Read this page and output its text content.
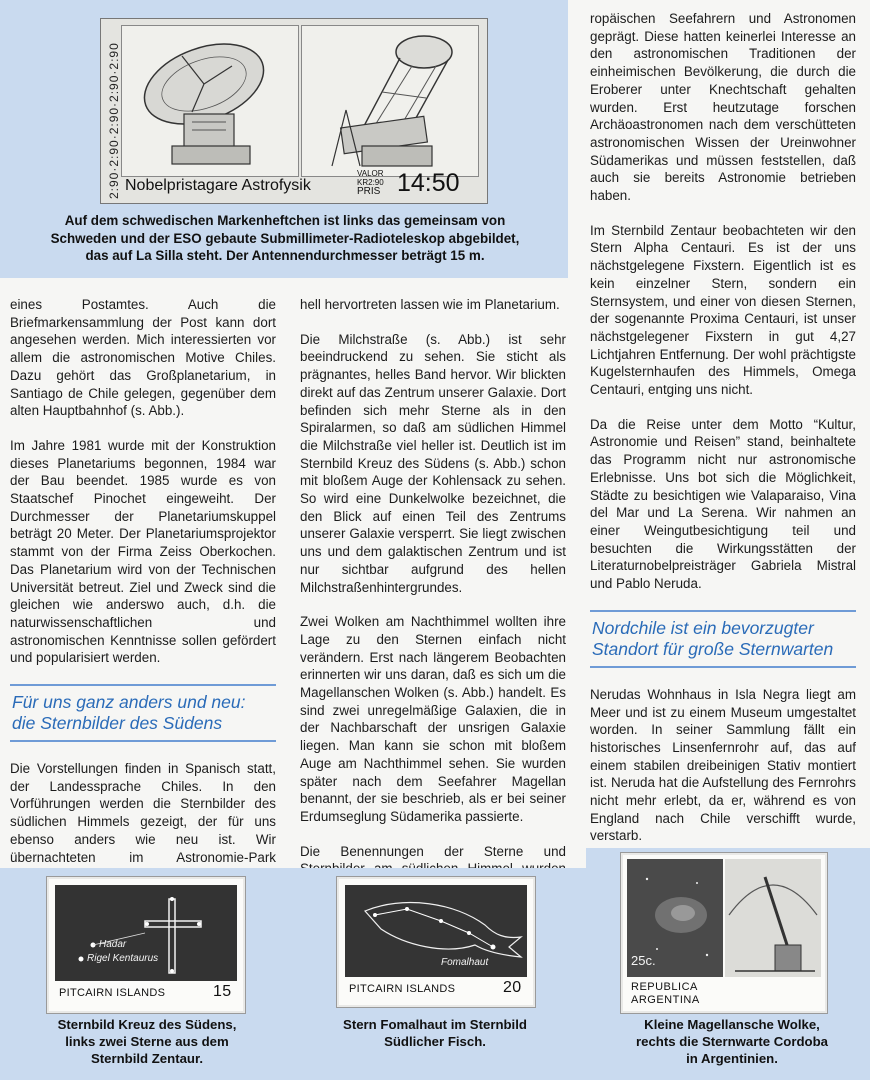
2:90·2:90·2:90·2:90·2:90 Nobelpristagare Astrofysik
VALOR
KR2:90
PRIS 14:50
Auf dem schwedischen Markenheftchen ist links das gemeinsam von
Schweden und der ESO gebaute Submillimeter-Radioteleskop abgebildet,
das auf La Silla steht. Der Antennendurchmesser beträgt 15 m.

eines Postamtes. Auch die Briefmarkensammlung der Post kann dort angesehen werden. Mich interessierten vor allem die astronomischen Motive Chiles. Dazu gehört das Großplanetarium, in Santiago de Chile gelegen, gegenüber dem alten Hauptbahnhof (s. Abb.).

Im Jahre 1981 wurde mit der Konstruktion dieses Planetariums begonnen, 1984 war der Bau beendet. 1985 wurde es von Staatschef Pinochet eingeweiht. Der Durchmesser der Planetariumskuppel beträgt 20 Meter. Der Planetariumsprojektor stammt von der Firma Zeiss Oberkochen. Das Planetarium wird von der Technischen Universität betreut. Ziel und Zweck sind die gleichen wie anderswo auch, d.h. die naturwissenschaftlichen und astronomischen Kenntnisse sollen gefördert und popularisiert werden.

Für uns ganz anders und neu:
die Sternbilder des Südens

Die Vorstellungen finden in Spanisch statt, der Landessprache Chiles. In den Vorführungen werden die Sternbilder des südlichen Himmels gezeigt, der für uns ebenso anders wie neu ist. Wir übernachteten im Astronomie-Park

hell hervortreten lassen wie im Planetarium.

Die Milchstraße (s. Abb.) ist sehr beeindruckend zu sehen. Sie sticht als prägnantes, helles Band hervor. Wir blickten direkt auf das Zentrum unserer Galaxie. Dort befinden sich mehr Sterne als in den Spiralarmen, so daß am südlichen Himmel die Milchstraße viel heller ist. Deutlich ist im Sternbild Kreuz des Südens (s. Abb.) schon mit bloßem Auge der Kohlensack zu sehen. So wird eine Dunkelwolke bezeichnet, die den Blick auf einen Teil des Zentrums unserer Galaxie versperrt. Sie liegt zwischen uns und dem galaktischen Zentrum und ist nur sichtbar aufgrund des hellen Milchstraßenhintergrundes.

Zwei Wolken am Nachthimmel wollten ihre Lage zu den Sternen einfach nicht verändern. Erst nach längerem Beobachten erinnerten wir uns daran, daß es sich um die Magellanschen Wolken (s. Abb.) handelt. Es sind zwei unregelmäßige Galaxien, die in der Nachbarschaft der unsrigen Galaxie liegen. Man kann sie schon mit bloßem Auge am Nachthimmel sehen. Sie wurden später nach dem Seefahrer Magellan benannt, der sie beschrieb, als er bei seiner Erdumseglung Südamerika passierte.

Die Benennungen der Sterne und

ropäischen Seefahrern und Astronomen geprägt. Diese hatten keinerlei Interesse an den astronomischen Traditionen der einheimischen Bevölkerung, die durch die Eroberer unter Knechtschaft gehalten wurden. Erst heutzutage forschen Archäoastronomen nach dem verschütteten astronomischen Wissen der Ureinwohner Südamerikas und müssen feststellen, daß auch sie bereits Astronomie betrieben haben.

Im Sternbild Zentaur beobachteten wir den Stern Alpha Centauri. Es ist der uns nächstgelegene Fixstern. Eigentlich ist es kein einzelner Stern, sondern ein Sternsystem, und einer von diesen Sternen, der sogenannte Proxima Centauri, ist unser nächstgelegener Fixstern in gut 4,27 Lichtjahren Entfernung. Der wohl prächtigste Kugelsternhaufen des Himmels, Omega Centauri, entging uns nicht.

Da die Reise unter dem Motto “Kultur, Astronomie und Reisen” stand, beinhaltete das Programm nicht nur astronomische Erlebnisse. Uns bot sich die Möglichkeit, Städte zu besichtigen wie Valaparaiso, Vina del Mar und La Serena. Wir nahmen an einer Weingutbesichtigung teil und besuchten die Wirkungsstätten der Literaturnobelpreisträger Gabriela Mistral und Pablo Neruda.

Nordchile ist ein bevorzugter
Standort für große Sternwarten

Nerudas Wohnhaus in Isla Negra liegt am Meer und ist zu einem Museum umgestaltet worden. In seiner Sammlung fällt ein historisches Linsenfernrohr auf, das auf einem stabilen dreibeinigen Stativ montiert ist. Neruda hat die Aufstellung des Fernrohrs nicht mehr erlebt, da er, während es von England nach Chile verschifft wurde, verstarb.

Hadar
Rigel Kentaurus
PITCAIRN ISLANDS	15
Sternbild Kreuz des Südens,
links zwei Sterne aus dem
Sternbild Zentaur.
Fomalhaut
PITCAIRN ISLANDS	20
Stern Fomalhaut im Sternbild
Südlicher Fisch.
25c.
REPUBLICA
ARGENTINA
Kleine Magellansche Wolke,
rechts die Sternwarte Cordoba
in Argentinien.
